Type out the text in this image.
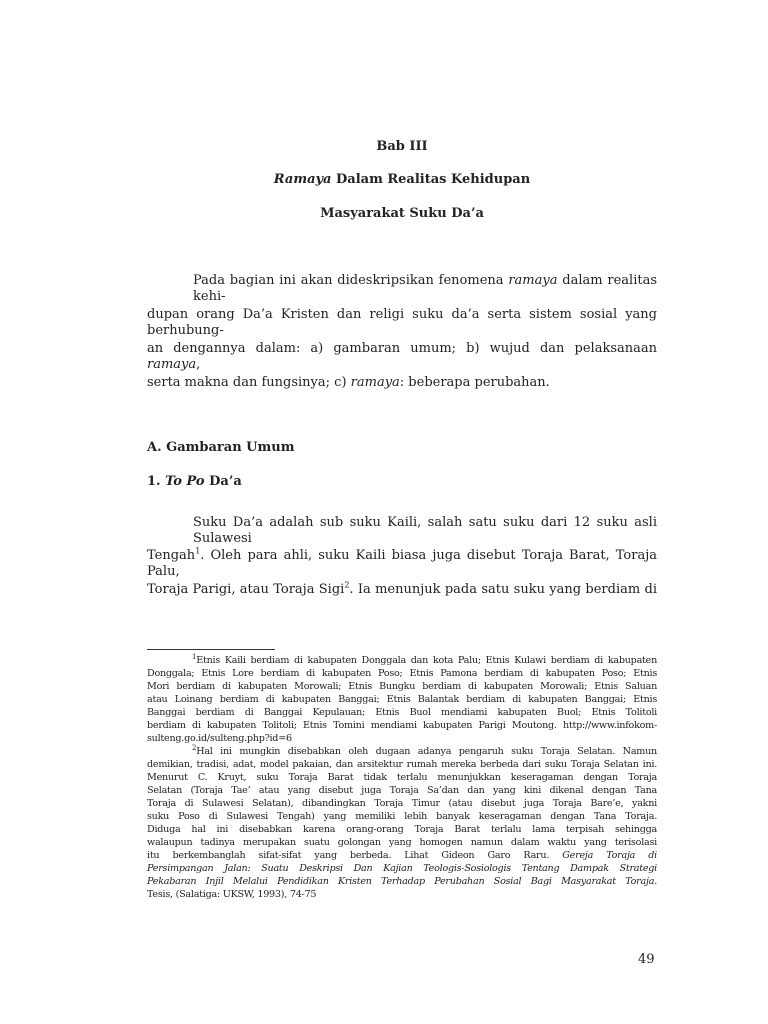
Bab III
Ramaya Dalam Realitas Kehidupan
Masyarakat Suku Da’a
Pada bagian ini akan dideskripsikan fenomena ramaya dalam realitas kehi-
dupan orang Da’a Kristen dan religi suku da’a serta sistem sosial yang berhubung-
an dengannya dalam: a) gambaran umum; b) wujud dan pelaksanaan ramaya,
serta makna dan fungsinya; c) ramaya: beberapa perubahan.
A. Gambaran Umum
1. To Po Da’a
Suku Da’a adalah sub suku Kaili, salah satu suku dari 12 suku asli Sulawesi
Tengah$^1$. Oleh para ahli, suku Kaili biasa juga disebut Toraja Barat, Toraja Palu,
Toraja Parigi, atau Toraja Sigi$^2$. Ia menunjuk pada satu suku yang berdiam di
$^1$Etnis Kaili berdiam di kabupaten Donggala dan kota Palu; Etnis Kulawi berdiam di kabupaten
Donggala; Etnis Lore berdiam di kabupaten Poso; Etnis Pamona berdiam di kabupaten Poso; Etnis
Mori berdiam di kabupaten Morowali; Etnis Bungku berdiam di kabupaten Morowali; Etnis Saluan
atau Loinang berdiam di kabupaten Banggai; Etnis Balantak berdiam di kabupaten Banggai; Etnis
Banggai berdiam di Banggai Kepulauan; Etnis Buol mendiami kabupaten Buol; Etnis Tolitoli
berdiam di kabupaten Tolitoli; Etnis Tomini mendiami kabupaten Parigi Moutong. http://www.infokom-
sulteng.go.id/sulteng.php?id=6
$^2$Hal ini mungkin disebabkan oleh dugaan adanya pengaruh suku Toraja Selatan. Namun
demikian, tradisi, adat, model pakaian, dan arsitektur rumah mereka berbeda dari suku Toraja Selatan ini.
Menurut C. Kruyt, suku Toraja Barat tidak terlalu menunjukkan keseragaman dengan Toraja
Selatan (Toraja Tae’ atau yang disebut juga Toraja Sa’dan dan yang kini dikenal dengan Tana
Toraja di Sulawesi Selatan), dibandingkan Toraja Timur (atau disebut juga Toraja Bare’e, yakni
suku Poso di Sulawesi Tengah) yang memiliki lebih banyak keseragaman dengan Tana Toraja.
Diduga hal ini disebabkan karena orang-orang Toraja Barat terlalu lama terpisah sehingga
walaupun tadinya merupakan suatu golongan yang homogen namun dalam waktu yang terisolasi
itu berkembanglah sifat-sifat yang berbeda. Lihat Gideon Garo Raru. Gereja Toraja di
Persimpangan Jalan: Suatu Deskripsi Dan Kajian Teologis-Sosiologis Tentang Dampak Strategi
Pekabaran Injil Melalui Pendidikan Kristen Terhadap Perubahan Sosial Bagi Masyarakat Toraja.
Tesis, (Salatiga: UKSW, 1993), 74-75
49
